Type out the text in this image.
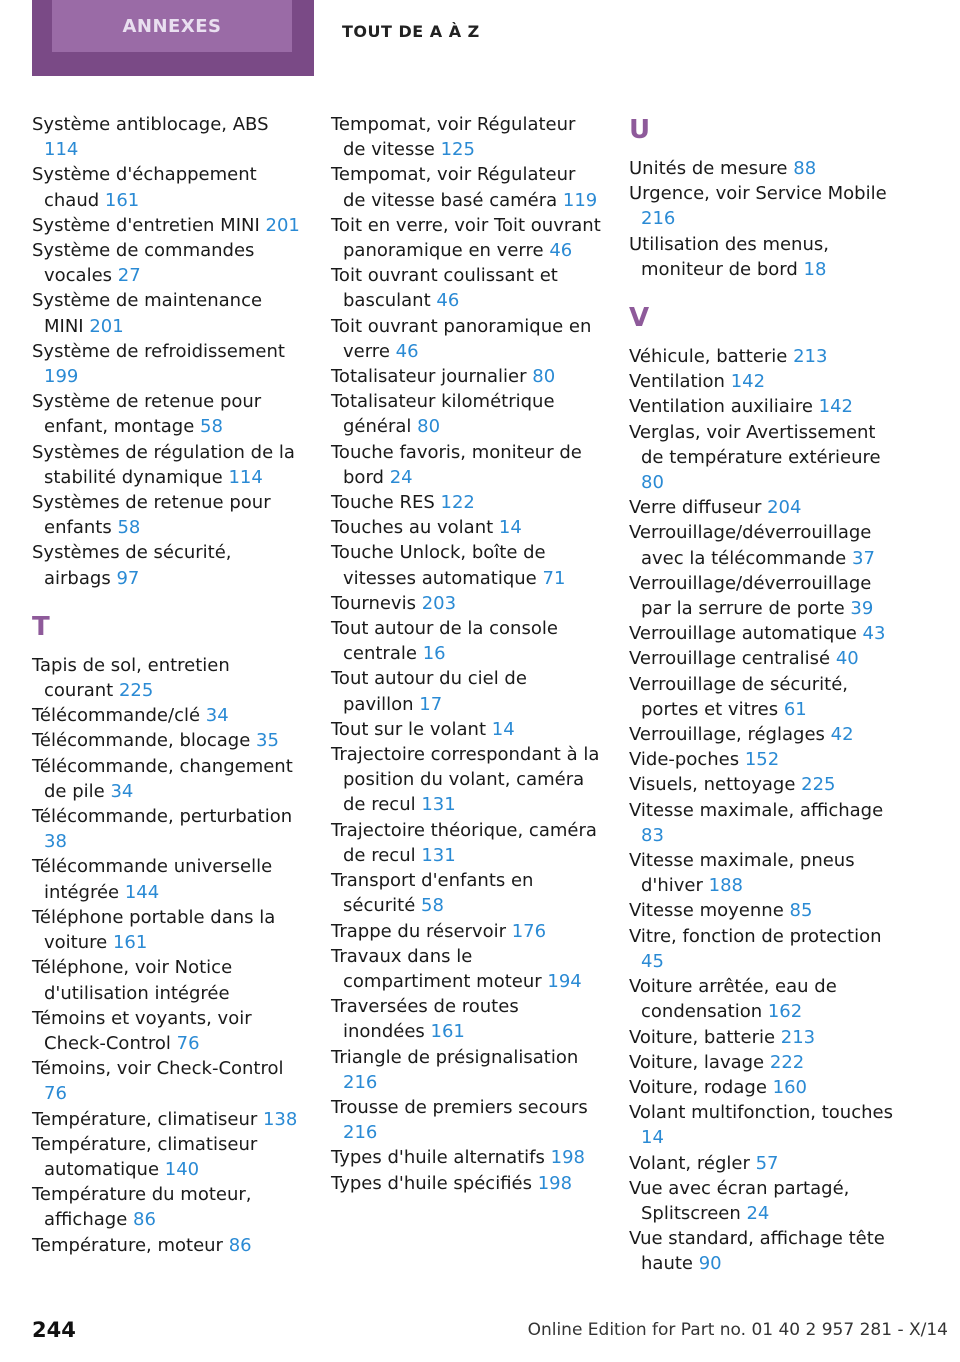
ANNEXES	TOUT DE A À Z
Système antiblocage, ABS 114
Système d'échappement chaud 161
Système d'entretien MINI 201
Système de commandes vocales 27
Système de maintenance MINI 201
Système de refroidissement 199
Système de retenue pour enfant, montage 58
Systèmes de régulation de la stabilité dynamique 114
Systèmes de retenue pour enfants 58
Systèmes de sécurité, airbags 97
T
Tapis de sol, entretien courant 225
Télécommande/clé 34
Télécommande, blocage 35
Télécommande, changement de pile 34
Télécommande, perturbation 38
Télécommande universelle intégrée 144
Téléphone portable dans la voiture 161
Téléphone, voir Notice d'utilisation intégrée
Témoins et voyants, voir Check-Control 76
Témoins, voir Check-Control 76
Température, climatiseur 138
Température, climatiseur automatique 140
Température du moteur, affichage 86
Température, moteur 86
Tempomat, voir Régulateur de vitesse 125
Tempomat, voir Régulateur de vitesse basé caméra 119
Toit en verre, voir Toit ouvrant panoramique en verre 46
Toit ouvrant coulissant et basculant 46
Toit ouvrant panoramique en verre 46
Totalisateur journalier 80
Totalisateur kilométrique général 80
Touche favoris, moniteur de bord 24
Touche RES 122
Touches au volant 14
Touche Unlock, boîte de vitesses automatique 71
Tournevis 203
Tout autour de la console centrale 16
Tout autour du ciel de pavillon 17
Tout sur le volant 14
Trajectoire correspondant à la position du volant, caméra de recul 131
Trajectoire théorique, caméra de recul 131
Transport d'enfants en sécurité 58
Trappe du réservoir 176
Travaux dans le compartiment moteur 194
Traversées de routes inondées 161
Triangle de présignalisation 216
Trousse de premiers secours 216
Types d'huile alternatifs 198
Types d'huile spécifiés 198
U
Unités de mesure 88
Urgence, voir Service Mobile 216
Utilisation des menus, moniteur de bord 18
V
Véhicule, batterie 213
Ventilation 142
Ventilation auxiliaire 142
Verglas, voir Avertissement de température extérieure 80
Verre diffuseur 204
Verrouillage/déverrouillage avec la télécommande 37
Verrouillage/déverrouillage par la serrure de porte 39
Verrouillage automatique 43
Verrouillage centralisé 40
Verrouillage de sécurité, portes et vitres 61
Verrouillage, réglages 42
Vide-poches 152
Visuels, nettoyage 225
Vitesse maximale, affichage 83
Vitesse maximale, pneus d'hiver 188
Vitesse moyenne 85
Vitre, fonction de protection 45
Voiture arrêtée, eau de condensation 162
Voiture, batterie 213
Voiture, lavage 222
Voiture, rodage 160
Volant multifonction, touches 14
Volant, régler 57
Vue avec écran partagé, Splitscreen 24
Vue standard, affichage tête haute 90
244	Online Edition for Part no. 01 40 2 957 281 - X/14
